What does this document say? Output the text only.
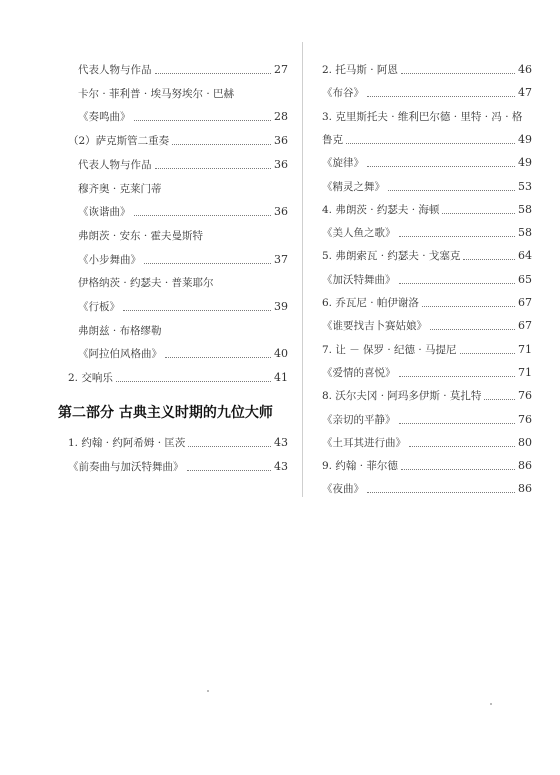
代表人物与作品	27
卡尔 · 菲利普 · 埃马努埃尔 · 巴赫
《奏鸣曲》	28
（2）萨克斯管二重奏	36
代表人物与作品	36
穆齐奥 · 克莱门蒂
《诙谐曲》	36
弗朗茨 · 安东 · 霍夫曼斯特
《小步舞曲》	37
伊格纳茨 · 约瑟夫 · 普莱耶尔
《行板》	39
弗朗兹 · 布格缪勒
《阿拉伯风格曲》	40
2. 交响乐	41
第二部分 古典主义时期的九位大师
1. 约翰 · 约阿希姆 · 匡茨	43
《前奏曲与加沃特舞曲》	43
2. 托马斯 · 阿恩	46
《布谷》	47
3. 克里斯托夫 · 维利巴尔德 · 里特 · 冯 · 格
鲁克	49
《旋律》	49
《精灵之舞》	53
4. 弗朗茨 · 约瑟夫 · 海顿	58
《美人鱼之歌》	58
5. 弗朗索瓦 · 约瑟夫 · 戈塞克	64
《加沃特舞曲》	65
6. 乔瓦尼 · 帕伊谢洛	67
《谁要找吉卜赛姑娘》	67
7. 让 － 保罗 · 纪德 · 马提尼	71
《爱情的喜悦》	71
8. 沃尔夫冈 · 阿玛多伊斯 · 莫扎特	76
《亲切的平静》	76
《土耳其进行曲》	80
9. 约翰 · 菲尔德	86
《夜曲》	86
